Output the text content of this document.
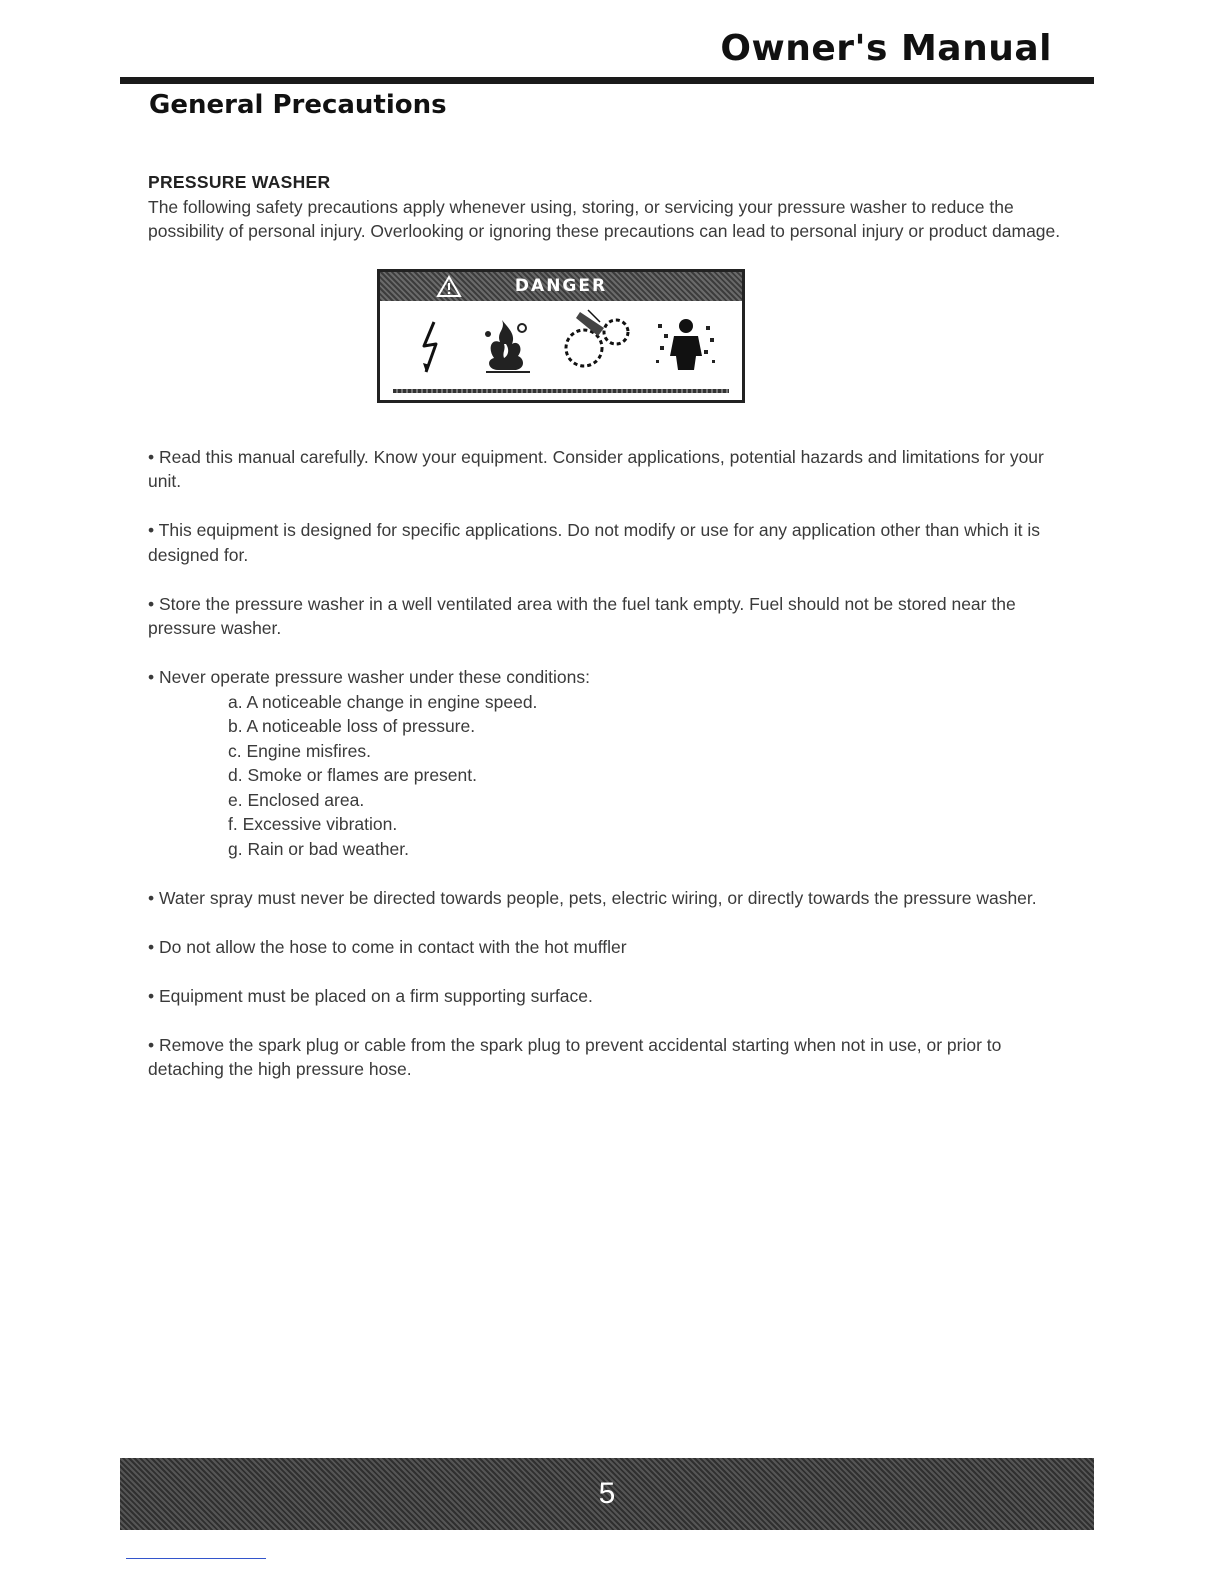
Owner's Manual
General Precautions
PRESSURE WASHER

The following safety precautions apply whenever using, storing, or servicing your pressure washer to reduce the possibility of personal injury. Overlooking or ignoring these precautions can lead to personal injury or product damage.

DANGER

• Read this manual carefully. Know your equipment. Consider applications, potential hazards and limitations for your unit.

• This equipment is designed for specific applications. Do not modify or use for any application other than which it is designed for.

• Store the pressure washer in a well ventilated area with the fuel tank empty. Fuel should not be stored near the pressure washer.

• Never operate pressure washer under these conditions:
a. A noticeable change in engine speed.
b. A noticeable loss of pressure.
c. Engine misfires.
d. Smoke or flames are present.
e. Enclosed area.
f. Excessive vibration.
g. Rain or bad weather.

• Water spray must never be directed towards people, pets, electric wiring, or directly towards the pressure washer.

• Do not allow the hose to come in contact with the hot muffler

• Equipment must be placed on a firm supporting surface.

• Remove the spark plug or cable from the spark plug to prevent accidental starting when not in use, or prior to detaching the high pressure hose.

5
